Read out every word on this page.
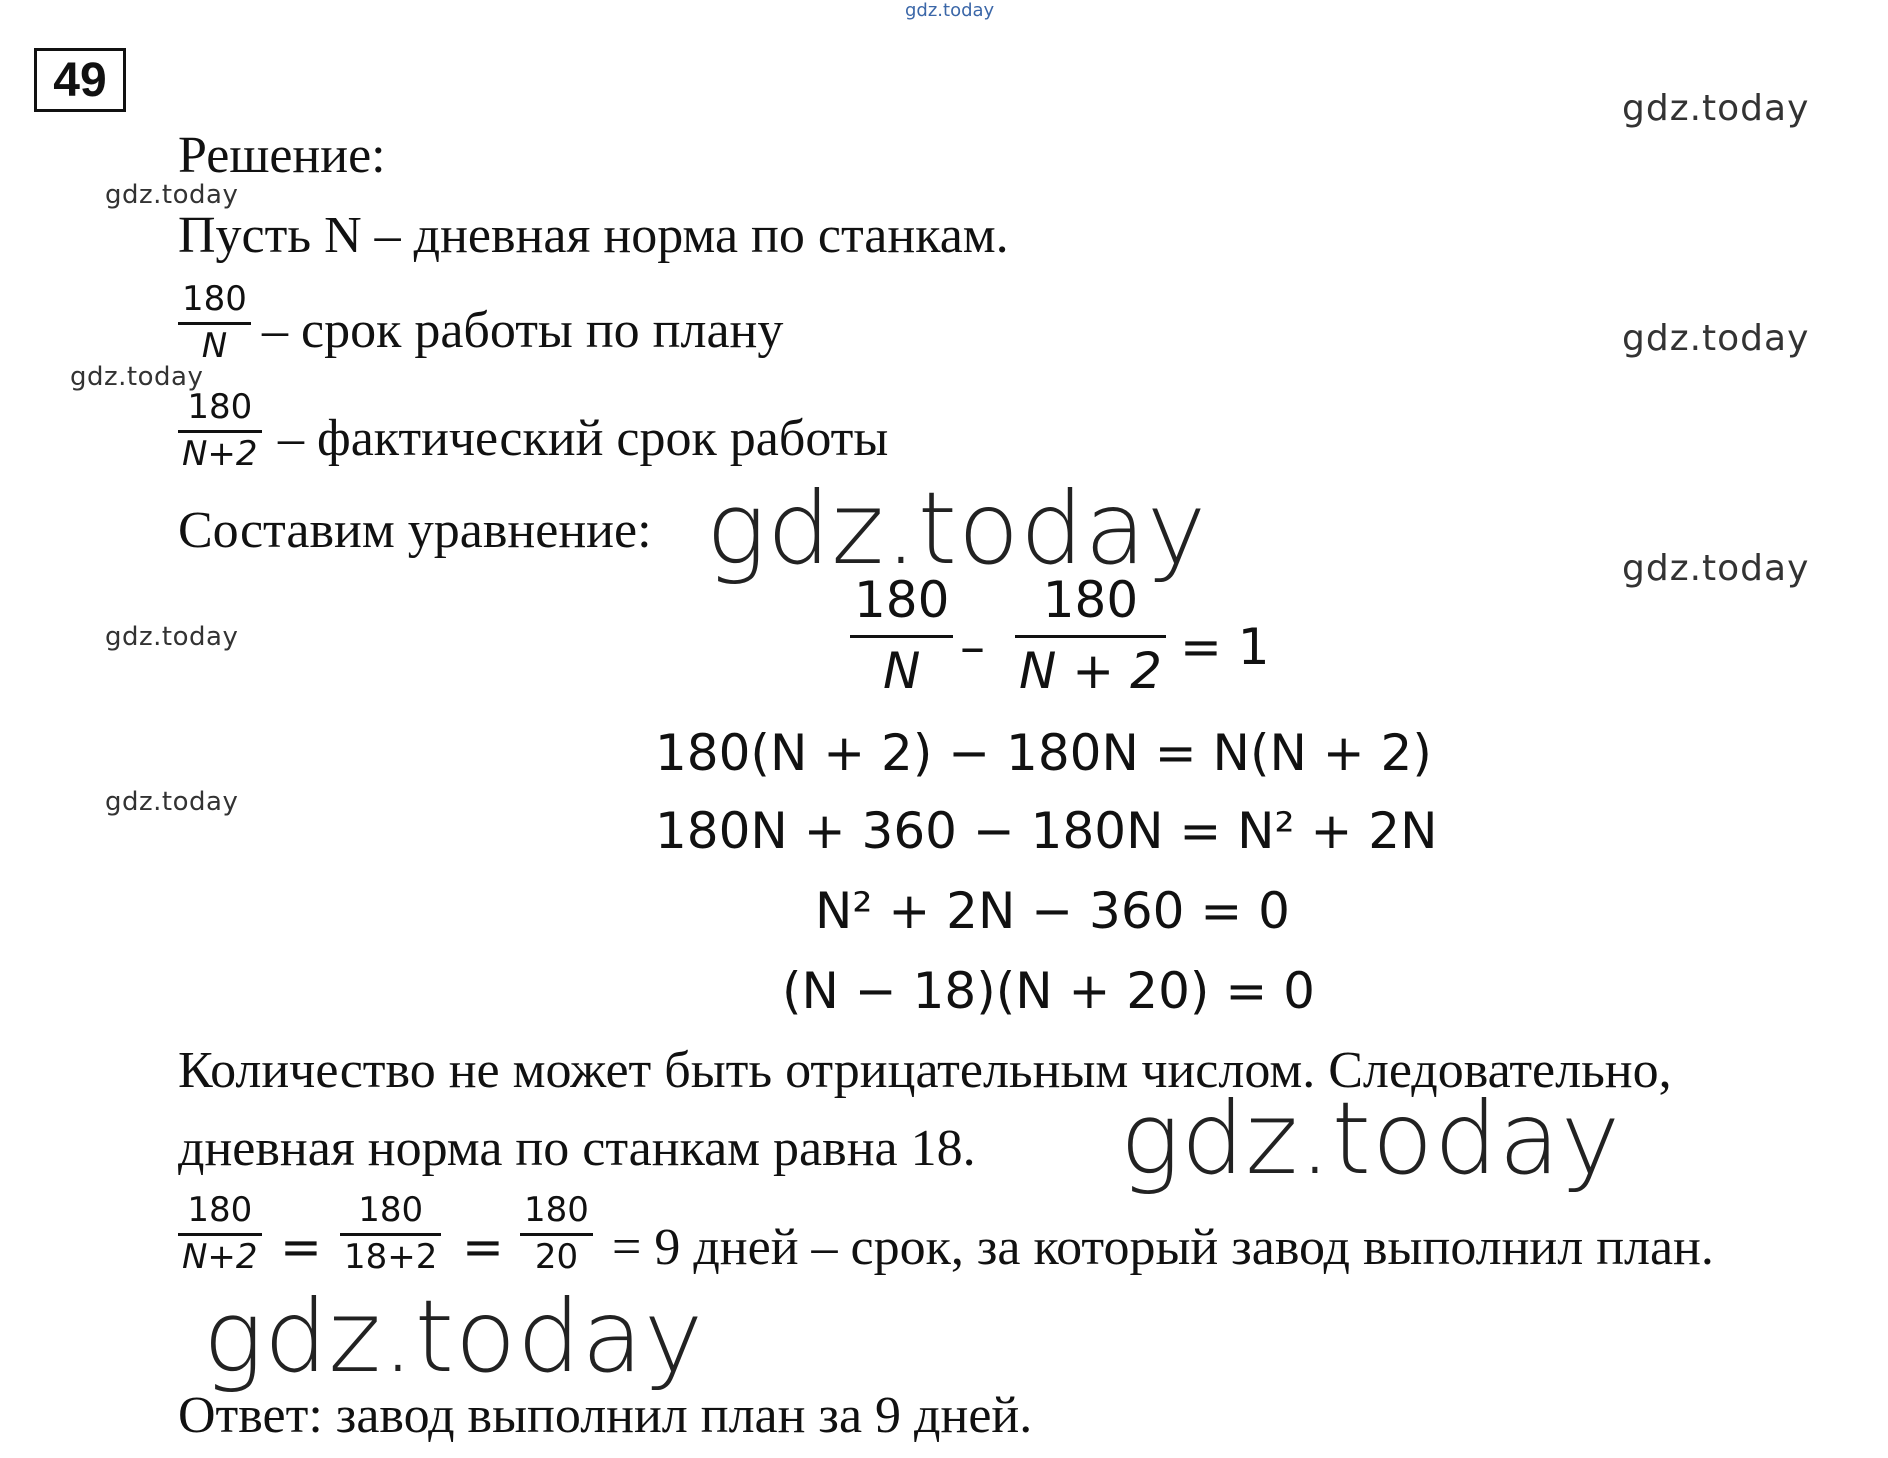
gdz.today
gdz.today
gdz.today
gdz.today
gdz.today
gdz.today
gdz.today
gdz.today
gdz.today
gdz.today
gdz.today
49
Решение:
Пусть N – дневная норма по станкам.
180
N – срок работы по плану
180
N+2 – фактический срок работы
Составим уравнение:
180
N –
180
N + 2 = 1
180(N + 2) − 180N = N(N + 2)
180N + 360 − 180N = N² + 2N
N² + 2N − 360 = 0
(N − 18)(N + 20) = 0
Количество не может быть отрицательным числом. Следовательно,
дневная норма по станкам равна 18.
180
N+2 =
180
18+2 =
180
20 = 9 дней – срок, за который завод выполнил план.
Ответ: завод выполнил план за 9 дней.
